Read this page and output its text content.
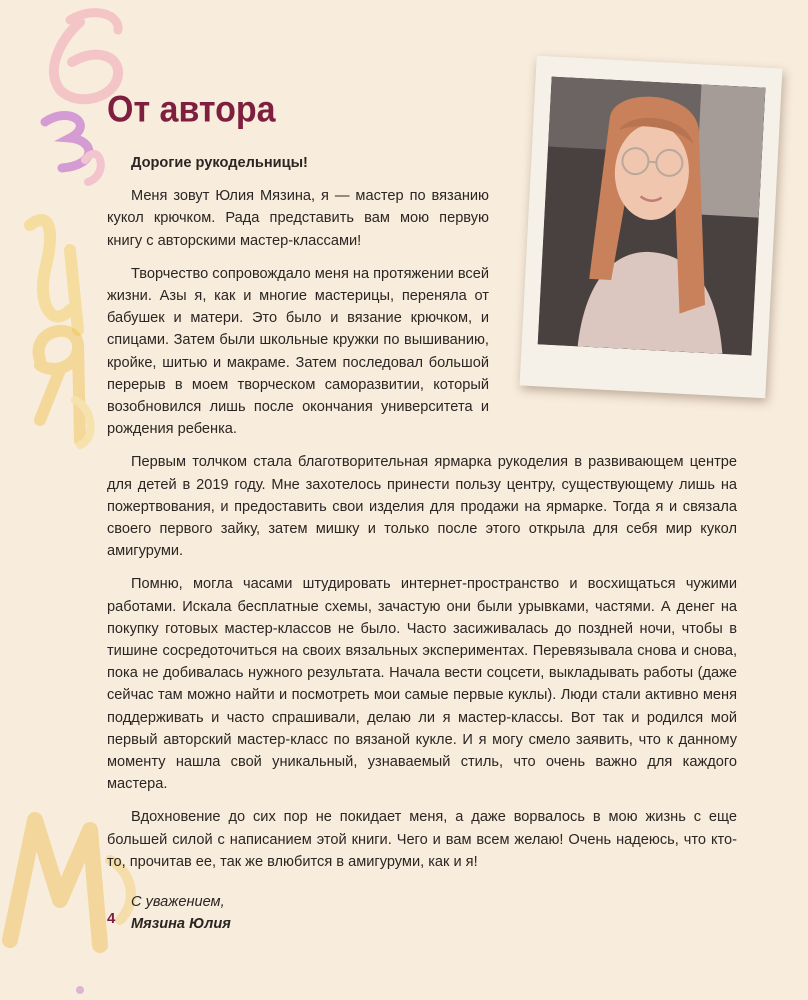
От автора

Дорогие рукодельницы!

Меня зовут Юлия Мязина, я — мастер по вязанию кукол крючком. Рада представить вам мою первую книгу с авторскими мастер-классами!

Творчество сопровождало меня на протяжении всей жизни. Азы я, как и многие мастерицы, переняла от бабушек и матери. Это было и вязание крючком, и спицами. Затем были школьные кружки по вышиванию, кройке, шитью и макраме. Затем последовал большой перерыв в моем творческом саморазвитии, который возобновился лишь после окончания университета и рождения ребенка.

Первым толчком стала благотворительная ярмарка рукоделия в развивающем центре для детей в 2019 году. Мне захотелось принести пользу центру, существующему лишь на пожертвования, и предоставить свои изделия для продажи на ярмарке. Тогда я и связала своего первого зайку, затем мишку и только после этого открыла для себя мир кукол амигуруми.

Помню, могла часами штудировать интернет-пространство и восхищаться чужими работами. Искала бесплатные схемы, зачастую они были урывками, частями. А денег на покупку готовых мастер-классов не было. Часто засиживалась до поздней ночи, чтобы в тишине сосредоточиться на своих вязальных экспериментах. Перевязывала снова и снова, пока не добивалась нужного результата. Начала вести соцсети, выкладывать работы (даже сейчас там можно найти и посмотреть мои самые первые куклы). Люди стали активно меня поддерживать и часто спрашивали, делаю ли я мастер-классы. Вот так и родился мой первый авторский мастер-класс по вязаной кукле. И я могу смело заявить, что к данному моменту нашла свой уникальный, узнаваемый стиль, что очень важно для каждого мастера.

Вдохновение до сих пор не покидает меня, а даже ворвалось в мою жизнь с еще большей силой с написанием этой книги. Чего и вам всем желаю! Очень надеюсь, что кто-то, прочитав ее, так же влюбится в амигуруми, как и я!

С уважением,
Мязина Юлия
4
